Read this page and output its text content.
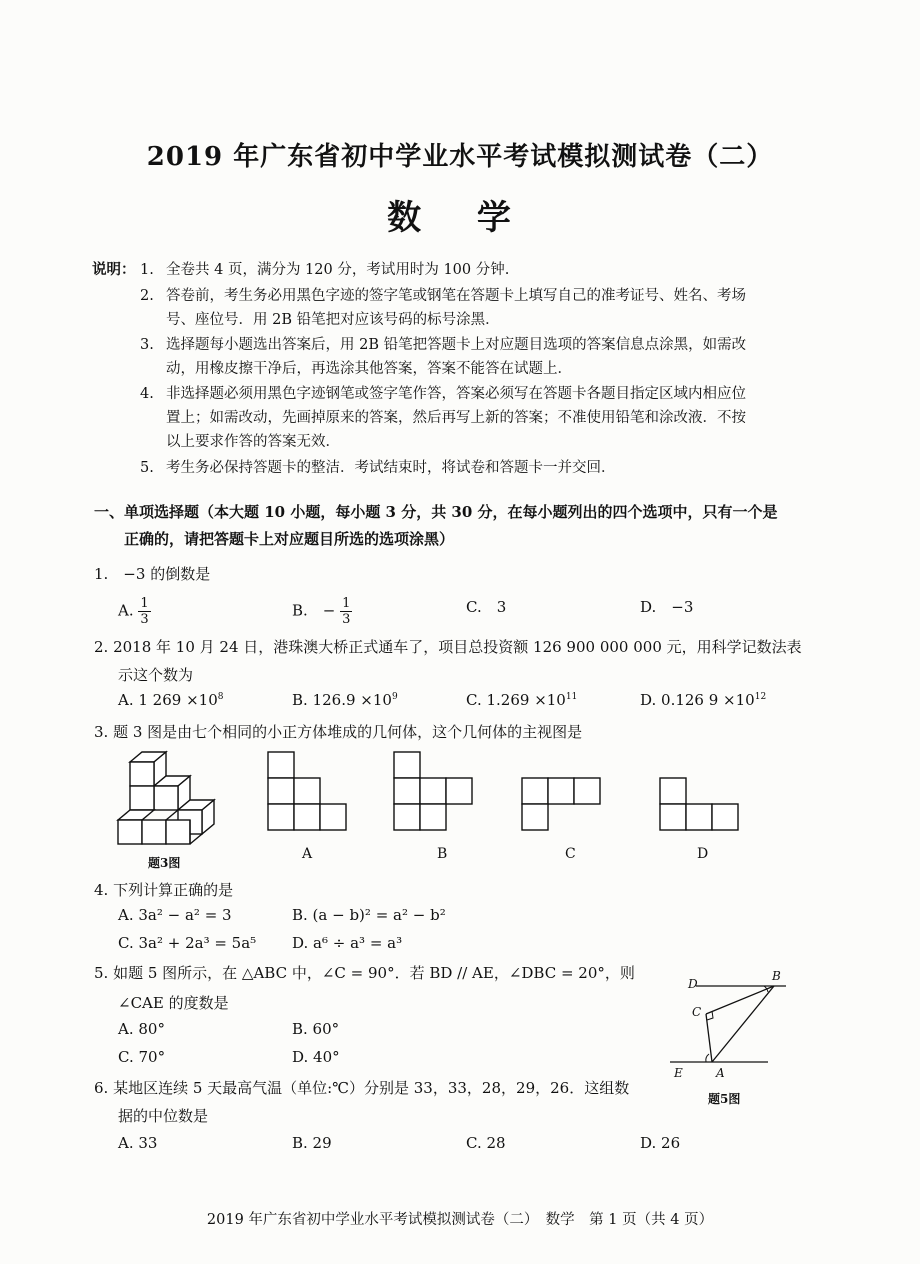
2019 年广东省初中学业水平考试模拟测试卷（二）
数 学
说明： 1. 全卷共 4 页，满分为 120 分，考试用时为 100 分钟.
2. 答卷前，考生务必用黑色字迹的签字笔或钢笔在答题卡上填写自己的准考证号、姓名、考场
号、座位号．用 2B 铅笔把对应该号码的标号涂黑．
3. 选择题每小题选出答案后，用 2B 铅笔把答题卡上对应题目选项的答案信息点涂黑，如需改
动，用橡皮擦干净后，再选涂其他答案，答案不能答在试题上．
4. 非选择题必须用黑色字迹钢笔或签字笔作答，答案必须写在答题卡各题目指定区域内相应位
置上；如需改动，先画掉原来的答案，然后再写上新的答案；不准使用铅笔和涂改液．不按
以上要求作答的答案无效．
5. 考生务必保持答题卡的整洁．考试结束时，将试卷和答题卡一并交回．
一、单项选择题（本大题 10 小题，每小题 3 分，共 30 分，在每小题列出的四个选项中，只有一个是
正确的，请把答题卡上对应题目所选的选项涂黑）
1.　−3 的倒数是
A. $\frac{1}{3}$	B.　− $\frac{1}{3}$	C.　3	D.　−3
2. 2018 年 10 月 24 日，港珠澳大桥正式通车了，项目总投资额 126 900 000 000 元，用科学记数法表
示这个数为
A. 1 $269 \times 10^8$	B. $126.9 \times 10^9$	C. $1.269 \times 10^{11}$	D. 0.126 $9 \times 10^{12}$
3. 题 3 图是由七个相同的小正方体堆成的几何体，这个几何体的主视图是
题3图
A	B	C	D
4. 下列计算正确的是
A. 3a² − a² = 3	B. (a − b)² = a² − b²
C. 3a² + 2a³ = 5a⁵ D. a⁶ ÷ a³ = a³
5. 如题 5 图所示，在 △ABC 中，∠C = 90°．若 BD // AE，∠DBC = 20°，则
∠CAE 的度数是
A. 80°	B. 60°
C. 70°	D. 40°
D
B
C
E	A
题5图
6. 某地区连续 5 天最高气温（单位:℃）分别是 33，33，28，29，26．这组数
据的中位数是
A. 33	B. 29	C. 28	D. 26
2019 年广东省初中学业水平考试模拟测试卷（二）　数学　第 1 页（共 4 页）
